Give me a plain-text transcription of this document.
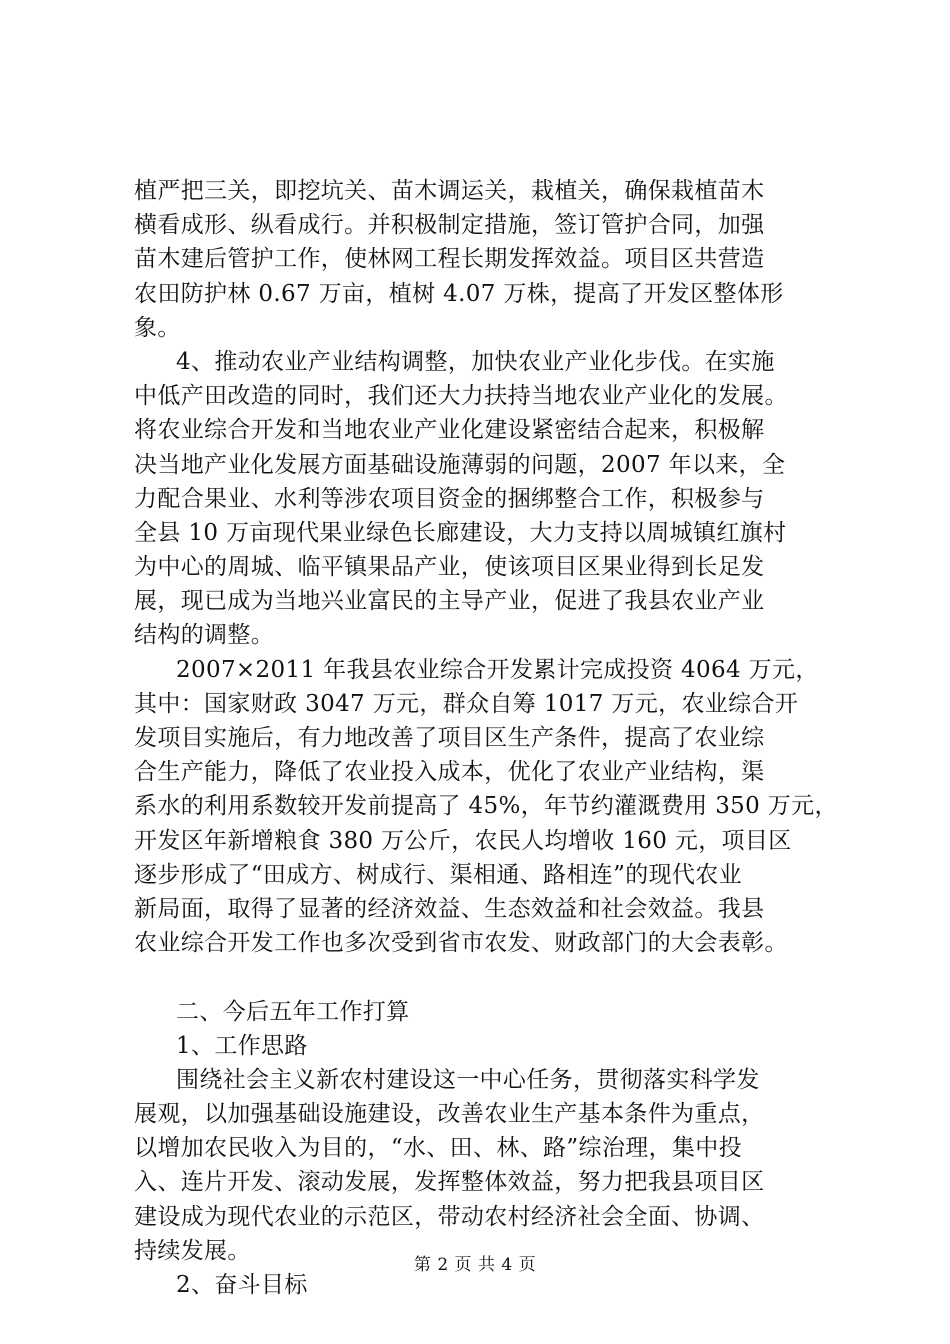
植严把三关，即挖坑关、苗木调运关，栽植关，确保栽植苗木
横看成形、纵看成行。并积极制定措施，签订管护合同，加强
苗木建后管护工作，使林网工程长期发挥效益。项目区共营造
农田防护林 0.67 万亩，植树 4.07 万株，提高了开发区整体形
象。
4、推动农业产业结构调整，加快农业产业化步伐。在实施
中低产田改造的同时，我们还大力扶持当地农业产业化的发展。
将农业综合开发和当地农业产业化建设紧密结合起来，积极解
决当地产业化发展方面基础设施薄弱的问题，2007 年以来，全
力配合果业、水利等涉农项目资金的捆绑整合工作，积极参与
全县 10 万亩现代果业绿色长廊建设，大力支持以周城镇红旗村
为中心的周城、临平镇果品产业，使该项目区果业得到长足发
展，现已成为当地兴业富民的主导产业，促进了我县农业产业
结构的调整。
2007×2011 年我县农业综合开发累计完成投资 4064 万元，
其中：国家财政 3047 万元，群众自筹 1017 万元，农业综合开
发项目实施后，有力地改善了项目区生产条件，提高了农业综
合生产能力，降低了农业投入成本，优化了农业产业结构，渠
系水的利用系数较开发前提高了 45%，年节约灌溉费用 350 万元，
开发区年新增粮食 380 万公斤，农民人均增收 160 元，项目区
逐步形成了“田成方、树成行、渠相通、路相连”的现代农业
新局面，取得了显著的经济效益、生态效益和社会效益。我县
农业综合开发工作也多次受到省市农发、财政部门的大会表彰。
二、今后五年工作打算
1、工作思路
围绕社会主义新农村建设这一中心任务，贯彻落实科学发
展观，以加强基础设施建设，改善农业生产基本条件为重点，
以增加农民收入为目的，“水、田、林、路”综治理，集中投
入、连片开发、滚动发展，发挥整体效益，努力把我县项目区
建设成为现代农业的示范区，带动农村经济社会全面、协调、
持续发展。
2、奋斗目标
第 2 页 共 4 页
